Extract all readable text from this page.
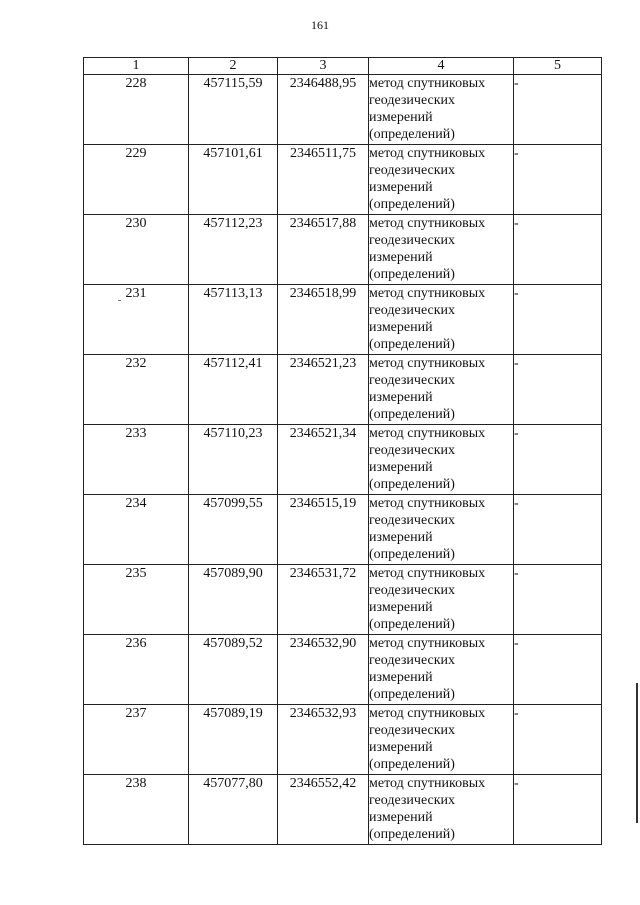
161
1	2	3	4	5
228	457115,59	2346488,95	метод спутниковых геодезических измерений (определений)	-
229	457101,61	2346511,75	метод спутниковых геодезических измерений (определений)	-
230	457112,23	2346517,88	метод спутниковых геодезических измерений (определений)	-
231	457113,13	2346518,99	метод спутниковых геодезических измерений (определений)	-
232	457112,41	2346521,23	метод спутниковых геодезических измерений (определений)	-
233	457110,23	2346521,34	метод спутниковых геодезических измерений (определений)	-
234	457099,55	2346515,19	метод спутниковых геодезических измерений (определений)	-
235	457089,90	2346531,72	метод спутниковых геодезических измерений (определений)	-
236	457089,52	2346532,90	метод спутниковых геодезических измерений (определений)	-
237	457089,19	2346532,93	метод спутниковых геодезических измерений (определений)	-
238	457077,80	2346552,42	метод спутниковых геодезических измерений (определений)	-
